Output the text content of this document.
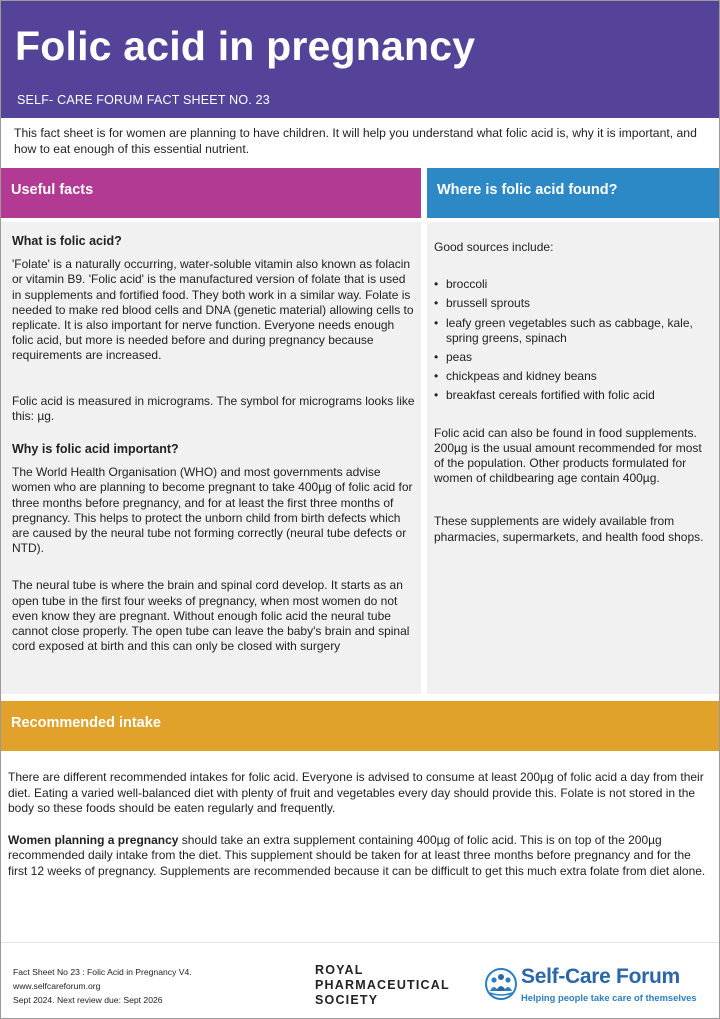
Folic acid in pregnancy
SELF- CARE FORUM FACT SHEET NO. 23
This fact sheet is for women are planning to have children. It will help you understand what folic acid is, why it is important, and how to eat enough of this essential nutrient.
Useful facts	Where is folic acid found?
What is folic acid?

'Folate' is a naturally occurring, water-soluble vitamin also known as folacin or vitamin B9. 'Folic acid' is the manufactured version of folate that is used in supplements and fortified food. They both work in a similar way. Folate is needed to make red blood cells and DNA (genetic material) allowing cells to replicate. It is also important for nerve function. Everyone needs enough folic acid, but more is needed before and during pregnancy because requirements are increased.

Folic acid is measured in micrograms. The symbol for micrograms looks like this: µg.

Why is folic acid important?

The World Health Organisation (WHO) and most governments advise women who are planning to become pregnant to take 400µg of folic acid for three months before pregnancy, and for at least the first three months of pregnancy. This helps to protect the unborn child from birth defects which are caused by the neural tube not forming correctly (neural tube defects or NTD).

The neural tube is where the brain and spinal cord develop. It starts as an open tube in the first four weeks of pregnancy, when most women do not even know they are pregnant. Without enough folic acid the neural tube cannot close properly. The open tube can leave the baby's brain and spinal cord exposed at birth and this can only be closed with surgery

Good sources include:
• broccoli
• brussell sprouts
• leafy green vegetables such as cabbage, kale, spring greens, spinach
• peas
• chickpeas and kidney beans
• breakfast cereals fortified with folic acid

Folic acid can also be found in food supplements. 200µg is the usual amount recommended for most of the population. Other products formulated for women of childbearing age contain 400µg.

These supplements are widely available from pharmacies, supermarkets, and health food shops.

Recommended intake

There are different recommended intakes for folic acid. Everyone is advised to consume at least 200µg of folic acid a day from their diet. Eating a varied well-balanced diet with plenty of fruit and vegetables every day should provide this. Folate is not stored in the body so these foods should be eaten regularly and frequently.

Women planning a pregnancy should take an extra supplement containing 400µg of folic acid. This is on top of the 200µg recommended daily intake from the diet. This supplement should be taken for at least three months before pregnancy and for the first 12 weeks of pregnancy. Supplements are recommended because it can be difficult to get this much extra folate from diet alone.

Fact Sheet No 23 : Folic Acid in Pregnancy V4.
www.selfcareforum.org
Sept 2024. Next review due: Sept 2026
ROYAL
PHARMACEUTICAL
SOCIETY
Self-Care Forum
Helping people take care of themselves
